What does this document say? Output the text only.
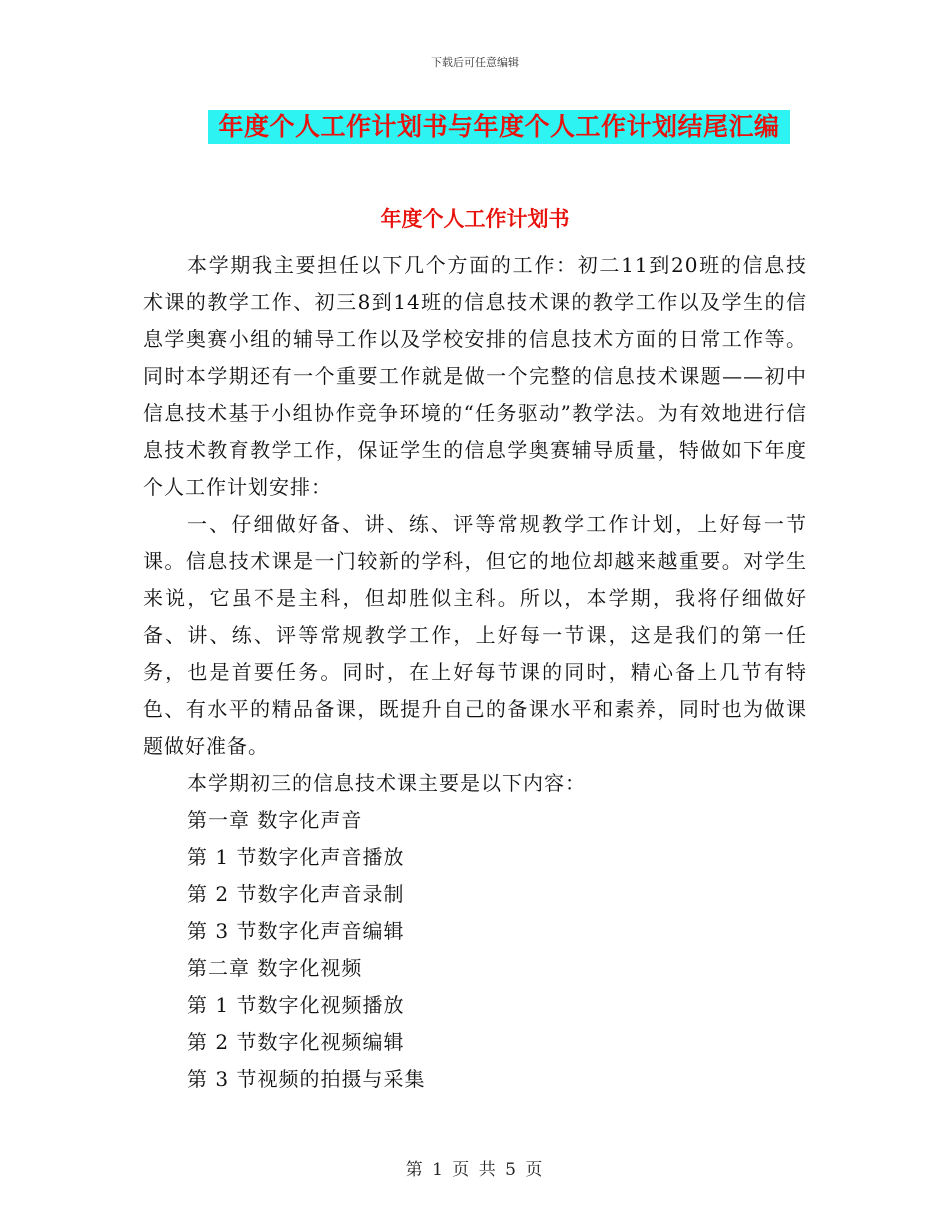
下载后可任意编辑
年度个人工作计划书与年度个人工作计划结尾汇编
年度个人工作计划书

本学期我主要担任以下几个方面的工作：初二11到20班的信息技术课的教学工作、初三8到14班的信息技术课的教学工作以及学生的信息学奥赛小组的辅导工作以及学校安排的信息技术方面的日常工作等。同时本学期还有一个重要工作就是做一个完整的信息技术课题——初中信息技术基于小组协作竞争环境的“任务驱动”教学法。为有效地进行信息技术教育教学工作，保证学生的信息学奥赛辅导质量，特做如下年度个人工作计划安排：

一、仔细做好备、讲、练、评等常规教学工作计划，上好每一节课。信息技术课是一门较新的学科，但它的地位却越来越重要。对学生来说，它虽不是主科，但却胜似主科。所以，本学期，我将仔细做好备、讲、练、评等常规教学工作，上好每一节课，这是我们的第一任务，也是首要任务。同时，在上好每节课的同时，精心备上几节有特色、有水平的精品备课，既提升自己的备课水平和素养，同时也为做课题做好准备。

本学期初三的信息技术课主要是以下内容：

第一章 数字化声音

第 1 节数字化声音播放

第 2 节数字化声音录制

第 3 节数字化声音编辑

第二章 数字化视频

第 1 节数字化视频播放

第 2 节数字化视频编辑

第 3 节视频的拍摄与采集

第 1 页 共 5 页
